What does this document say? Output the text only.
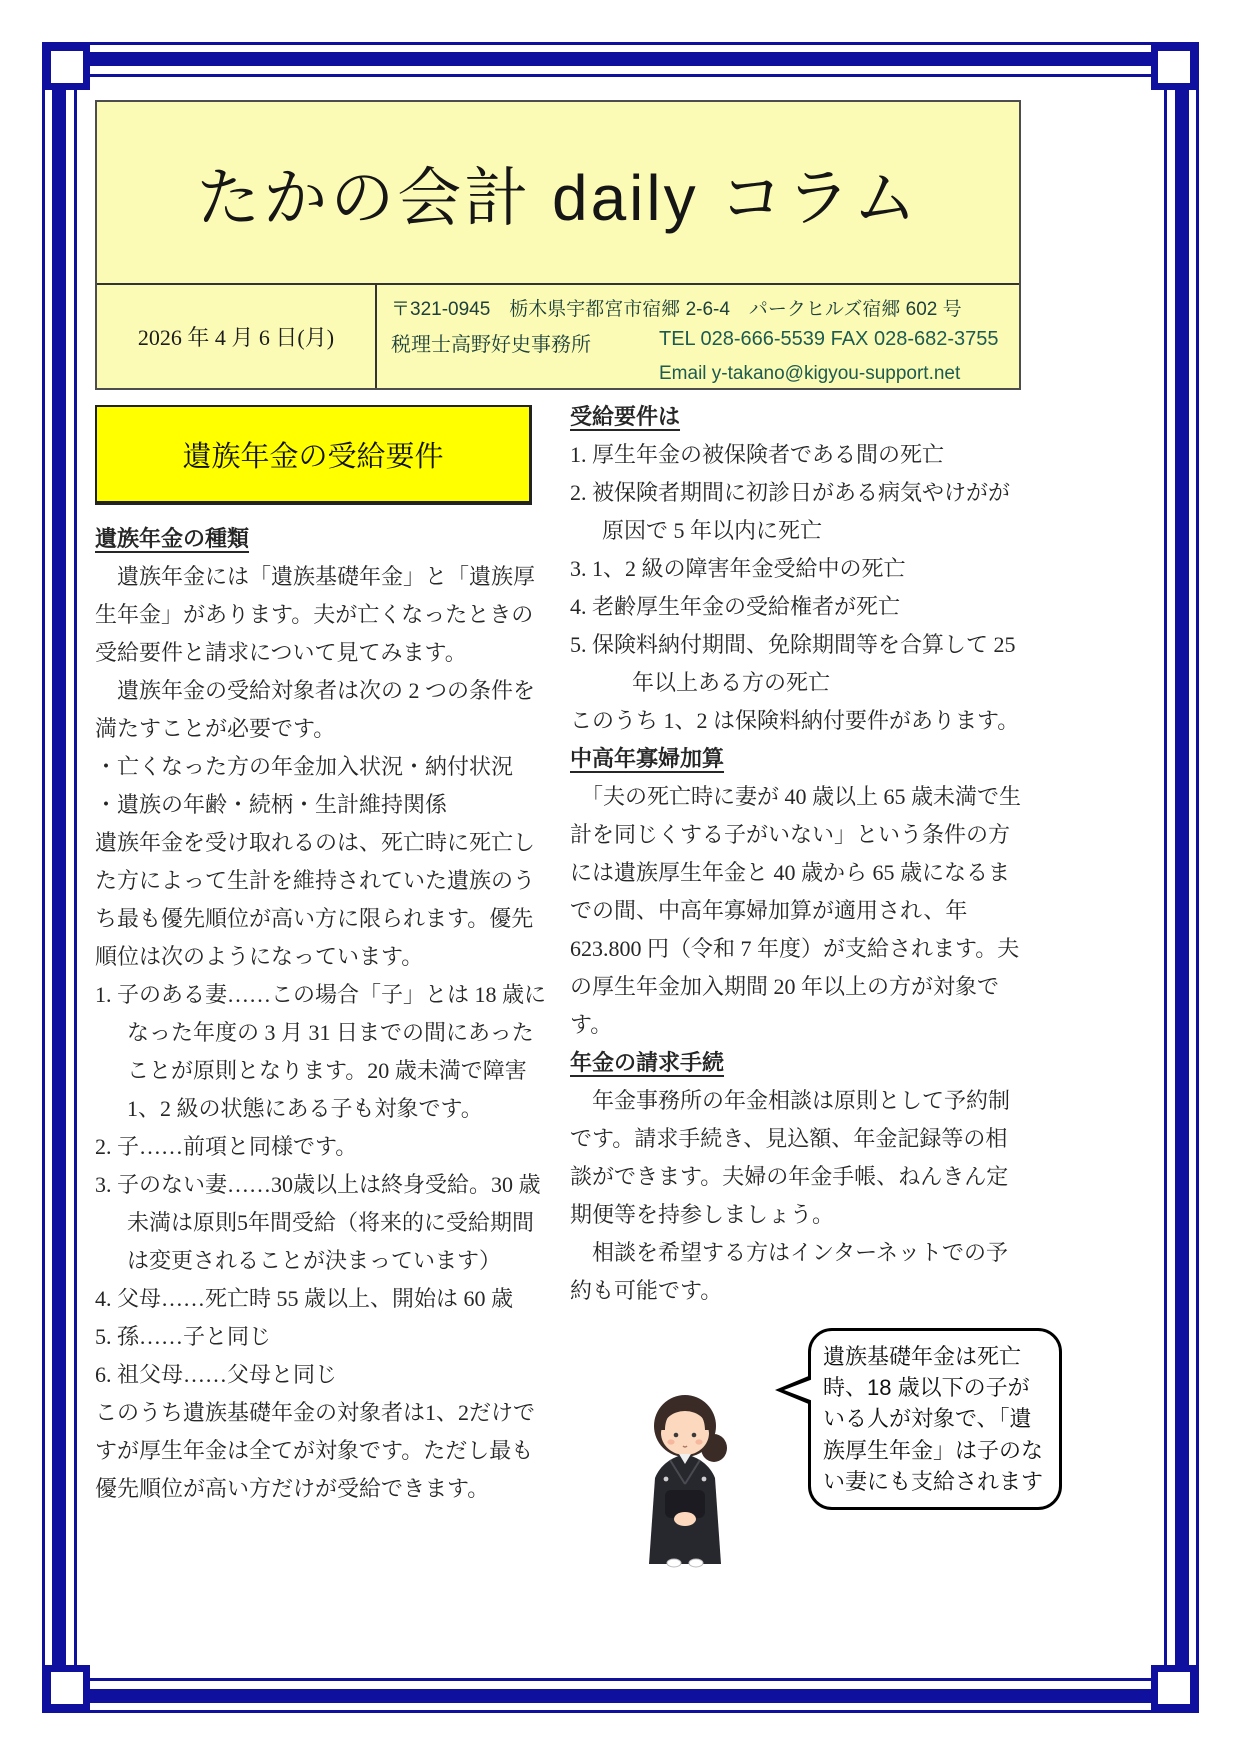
たかの会計 daily コラム
2026 年 4 月 6 日(月)
〒321-0945　栃木県宇都宮市宿郷 2-6-4　パークヒルズ宿郷 602 号
税理士高野好史事務所	TEL 028-666-5539 FAX 028-682-3755
Email y-takano@kigyou-support.net
遺族年金の受給要件
遺族年金の種類

　遺族年金には「遺族基礎年金」と「遺族厚生年金」があります。夫が亡くなったときの受給要件と請求について見てみます。

　遺族年金の受給対象者は次の 2 つの条件を満たすことが必要です。

・亡くなった方の年金加入状況・納付状況

・遺族の年齢・続柄・生計維持関係

遺族年金を受け取れるのは、死亡時に死亡した方によって生計を維持されていた遺族のうち最も優先順位が高い方に限られます。優先順位は次のようになっています。

1. 子のある妻……この場合「子」とは 18 歳になった年度の 3 月 31 日までの間にあったことが原則となります。20 歳未満で障害 1、2 級の状態にある子も対象です。

2. 子……前項と同様です。

3. 子のない妻……30歳以上は終身受給。30 歳未満は原則5年間受給（将来的に受給期間は変更されることが決まっています）

4. 父母……死亡時 55 歳以上、開始は 60 歳

5. 孫……子と同じ

6. 祖父母……父母と同じ

このうち遺族基礎年金の対象者は1、2だけですが厚生年金は全てが対象です。ただし最も優先順位が高い方だけが受給できます。

受給要件は

1. 厚生年金の被保険者である間の死亡

2. 被保険者期間に初診日がある病気やけがが原因で 5 年以内に死亡

3. 1、2 級の障害年金受給中の死亡

4. 老齢厚生年金の受給権者が死亡

5. 保険料納付期間、免除期間等を合算して 25 年以上ある方の死亡

このうち 1、2 は保険料納付要件があります。

中高年寡婦加算

　「夫の死亡時に妻が 40 歳以上 65 歳未満で生計を同じくする子がいない」という条件の方には遺族厚生年金と 40 歳から 65 歳になるまでの間、中高年寡婦加算が適用され、年 623.800 円（令和 7 年度）が支給されます。夫の厚生年金加入期間 20 年以上の方が対象です。

年金の請求手続

　年金事務所の年金相談は原則として予約制です。請求手続き、見込額、年金記録等の相談ができます。夫婦の年金手帳、ねんきん定期便等を持参しましょう。

　相談を希望する方はインターネットでの予約も可能です。

遺族基礎年金は死亡時、18 歳以下の子がいる人が対象で、「遺族厚生年金」は子のない妻にも支給されます
